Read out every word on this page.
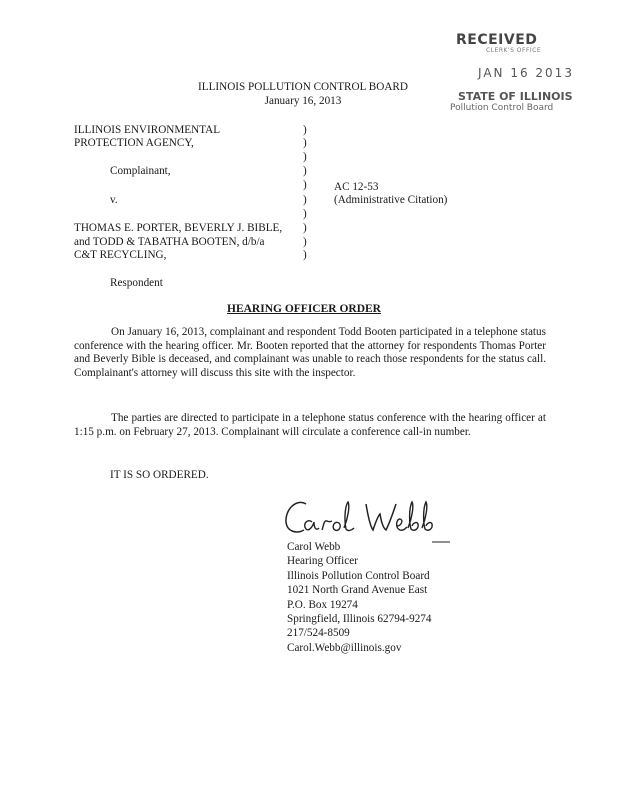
RECEIVED
CLERK'S OFFICE
JAN 16 2013
STATE OF ILLINOIS
Pollution Control Board
ILLINOIS POLLUTION CONTROL BOARD
January 16, 2013
ILLINOIS ENVIRONMENTAL
PROTECTION AGENCY,
Complainant,
v.
THOMAS E. PORTER, BEVERLY J. BIBLE,
and TODD & TABATHA BOOTEN, d/b/a
C&T RECYCLING,
Respondent
)
)
)
)
)
)
)
)
)
)
AC 12-53
(Administrative Citation)
HEARING OFFICER ORDER
On January 16, 2013, complainant and respondent Todd Booten participated in a telephone status conference with the hearing officer. Mr. Booten reported that the attorney for respondents Thomas Porter and Beverly Bible is deceased, and complainant was unable to reach those respondents for the status call. Complainant's attorney will discuss this site with the inspector.
The parties are directed to participate in a telephone status conference with the hearing officer at 1:15 p.m. on February 27, 2013. Complainant will circulate a conference call-in number.
IT IS SO ORDERED.
Carol Webb
Hearing Officer
Illinois Pollution Control Board
1021 North Grand Avenue East
P.O. Box 19274
Springfield, Illinois 62794-9274
217/524-8509
Carol.Webb@illinois.gov
